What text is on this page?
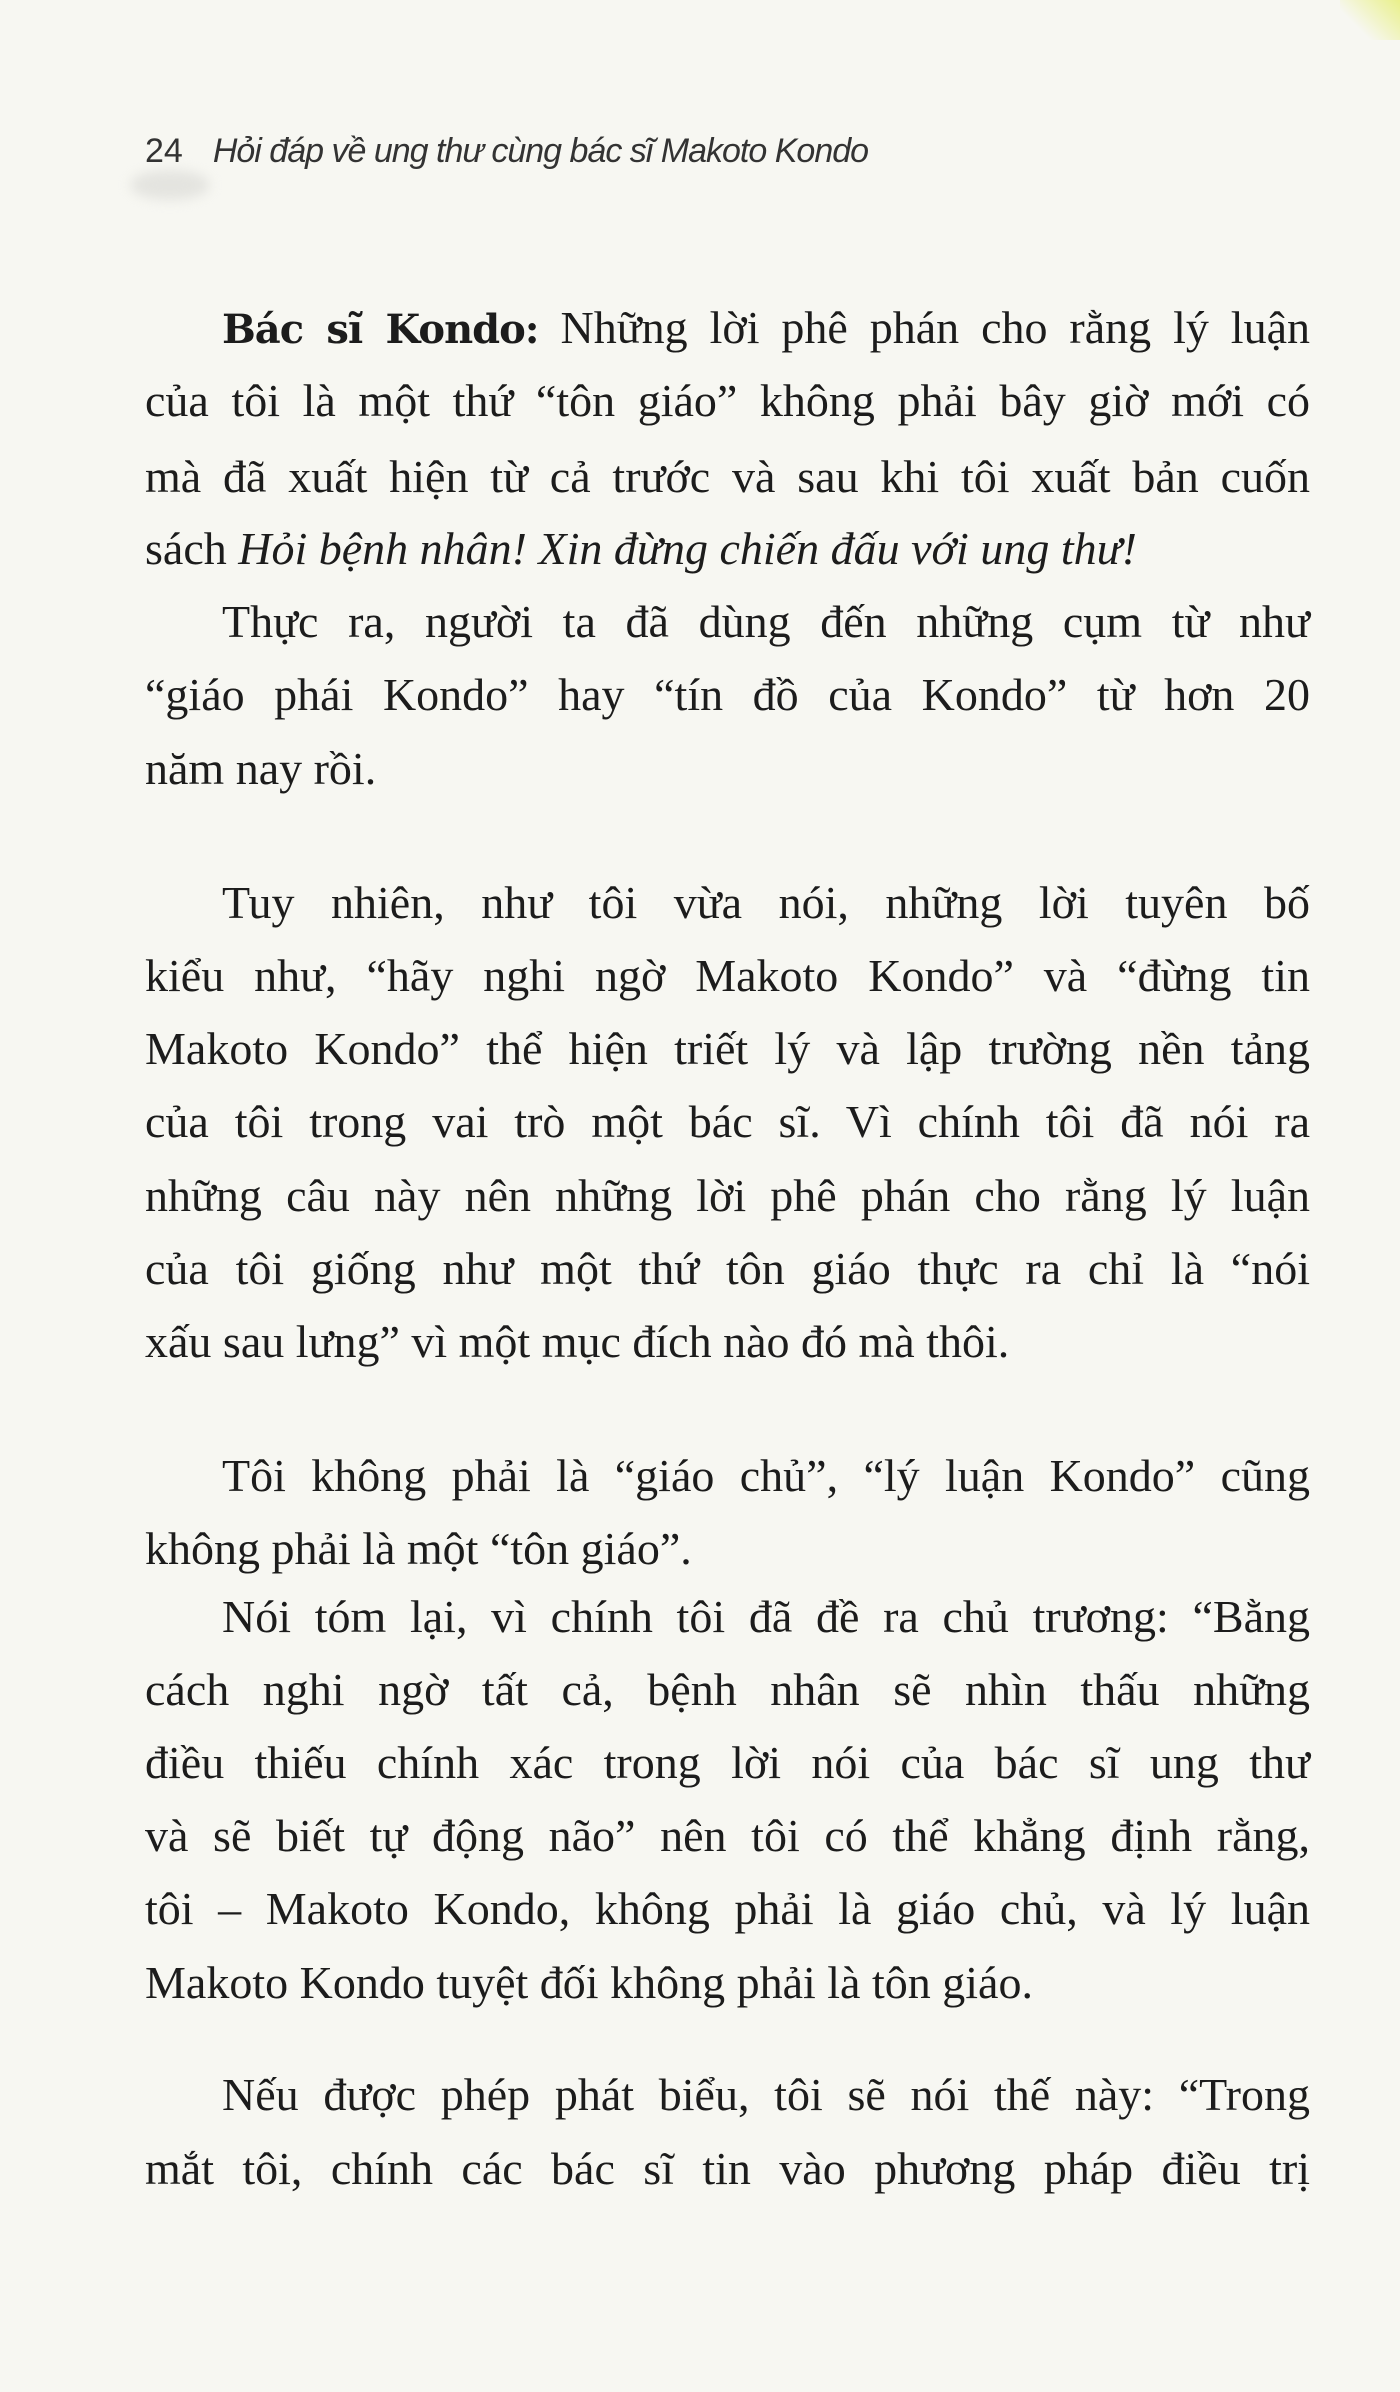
24 Hỏi đáp về ung thư cùng bác sĩ Makoto Kondo
Bác sĩ Kondo: Những lời phê phán cho rằng lý luận
của tôi là một thứ “tôn giáo” không phải bây giờ mới có
mà đã xuất hiện từ cả trước và sau khi tôi xuất bản cuốn
sách Hỏi bệnh nhân! Xin đừng chiến đấu với ung thư!
Thực ra, người ta đã dùng đến những cụm từ như
“giáo phái Kondo” hay “tín đồ của Kondo” từ hơn 20
năm nay rồi.
Tuy nhiên, như tôi vừa nói, những lời tuyên bố
kiểu như, “hãy nghi ngờ Makoto Kondo” và “đừng tin
Makoto Kondo” thể hiện triết lý và lập trường nền tảng
của tôi trong vai trò một bác sĩ. Vì chính tôi đã nói ra
những câu này nên những lời phê phán cho rằng lý luận
của tôi giống như một thứ tôn giáo thực ra chỉ là “nói
xấu sau lưng” vì một mục đích nào đó mà thôi.
Tôi không phải là “giáo chủ”, “lý luận Kondo” cũng
không phải là một “tôn giáo”.
Nói tóm lại, vì chính tôi đã đề ra chủ trương: “Bằng
cách nghi ngờ tất cả, bệnh nhân sẽ nhìn thấu những
điều thiếu chính xác trong lời nói của bác sĩ ung thư
và sẽ biết tự động não” nên tôi có thể khẳng định rằng,
tôi – Makoto Kondo, không phải là giáo chủ, và lý luận
Makoto Kondo tuyệt đối không phải là tôn giáo.
Nếu được phép phát biểu, tôi sẽ nói thế này: “Trong
mắt tôi, chính các bác sĩ tin vào phương pháp điều trị
